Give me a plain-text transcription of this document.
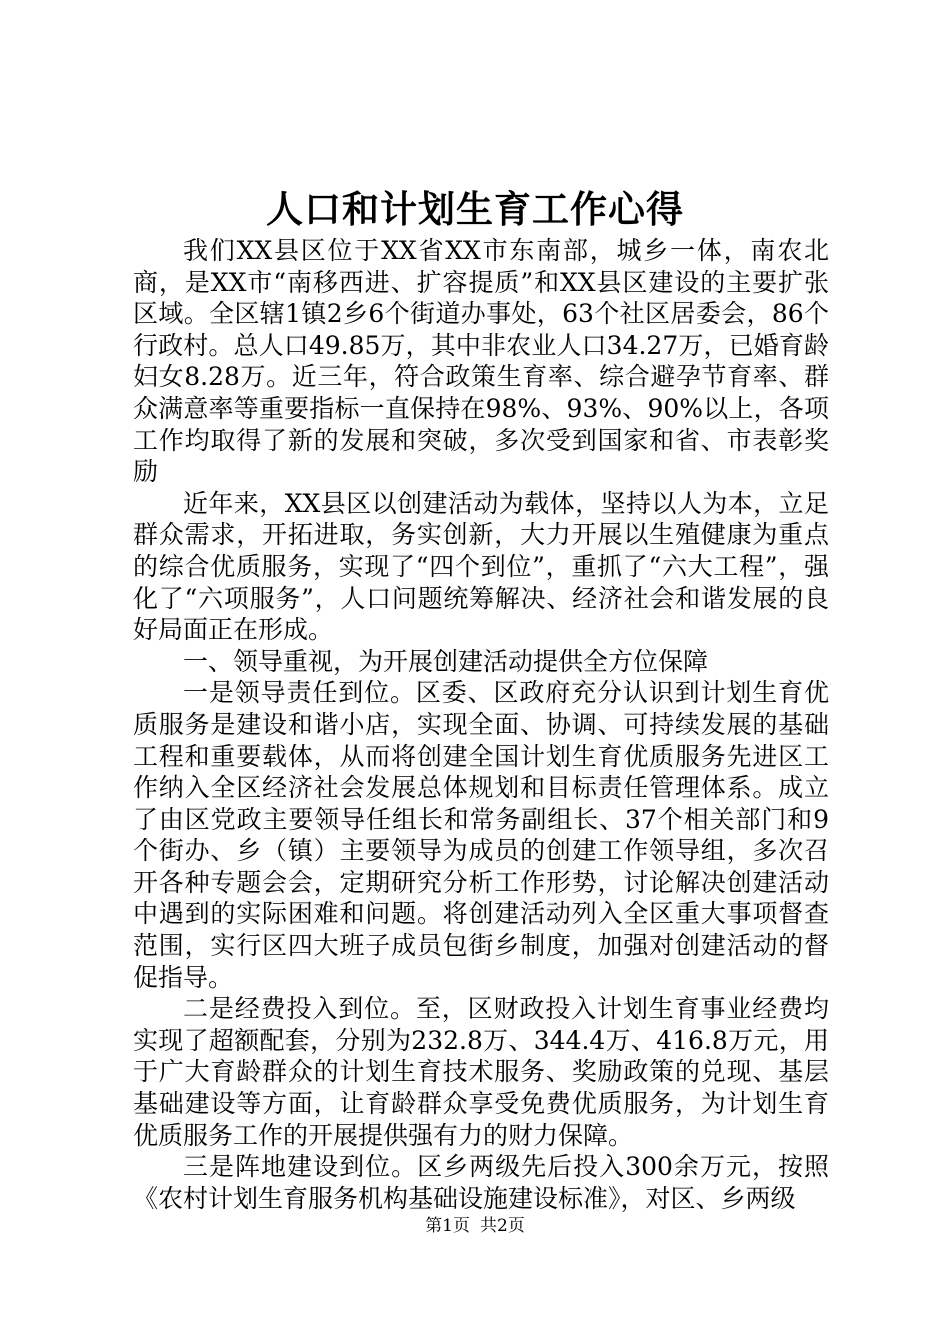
人口和计划生育工作心得

我们XX县区位于XX省XX市东南部，城乡一体，南农北商，是XX市“南移西进、扩容提质”和XX县区建设的主要扩张区域。全区辖1镇2乡6个街道办事处，63个社区居委会，86个行政村。总人口49.85万，其中非农业人口34.27万，已婚育龄妇女8.28万。近三年，符合政策生育率、综合避孕节育率、群众满意率等重要指标一直保持在98%、93%、90%以上，各项工作均取得了新的发展和突破，多次受到国家和省、市表彰奖励

近年来，XX县区以创建活动为载体，坚持以人为本，立足群众需求，开拓进取，务实创新，大力开展以生殖健康为重点的综合优质服务，实现了“四个到位”，重抓了“六大工程”，强化了“六项服务”，人口问题统筹解决、经济社会和谐发展的良好局面正在形成。

一、领导重视，为开展创建活动提供全方位保障

一是领导责任到位。区委、区政府充分认识到计划生育优质服务是建设和谐小店，实现全面、协调、可持续发展的基础工程和重要载体，从而将创建全国计划生育优质服务先进区工作纳入全区经济社会发展总体规划和目标责任管理体系。成立了由区党政主要领导任组长和常务副组长、37个相关部门和9个街办、乡（镇）主要领导为成员的创建工作领导组，多次召开各种专题会会，定期研究分析工作形势，讨论解决创建活动中遇到的实际困难和问题。将创建活动列入全区重大事项督查范围，实行区四大班子成员包街乡制度，加强对创建活动的督促指导。

二是经费投入到位。至，区财政投入计划生育事业经费均实现了超额配套，分别为232.8万、344.4万、416.8万元，用于广大育龄群众的计划生育技术服务、奖励政策的兑现、基层基础建设等方面，让育龄群众享受免费优质服务，为计划生育优质服务工作的开展提供强有力的财力保障。

三是阵地建设到位。区乡两级先后投入300余万元，按照《农村计划生育服务机构基础设施建设标准》，对区、乡两级

第1页 共2页
